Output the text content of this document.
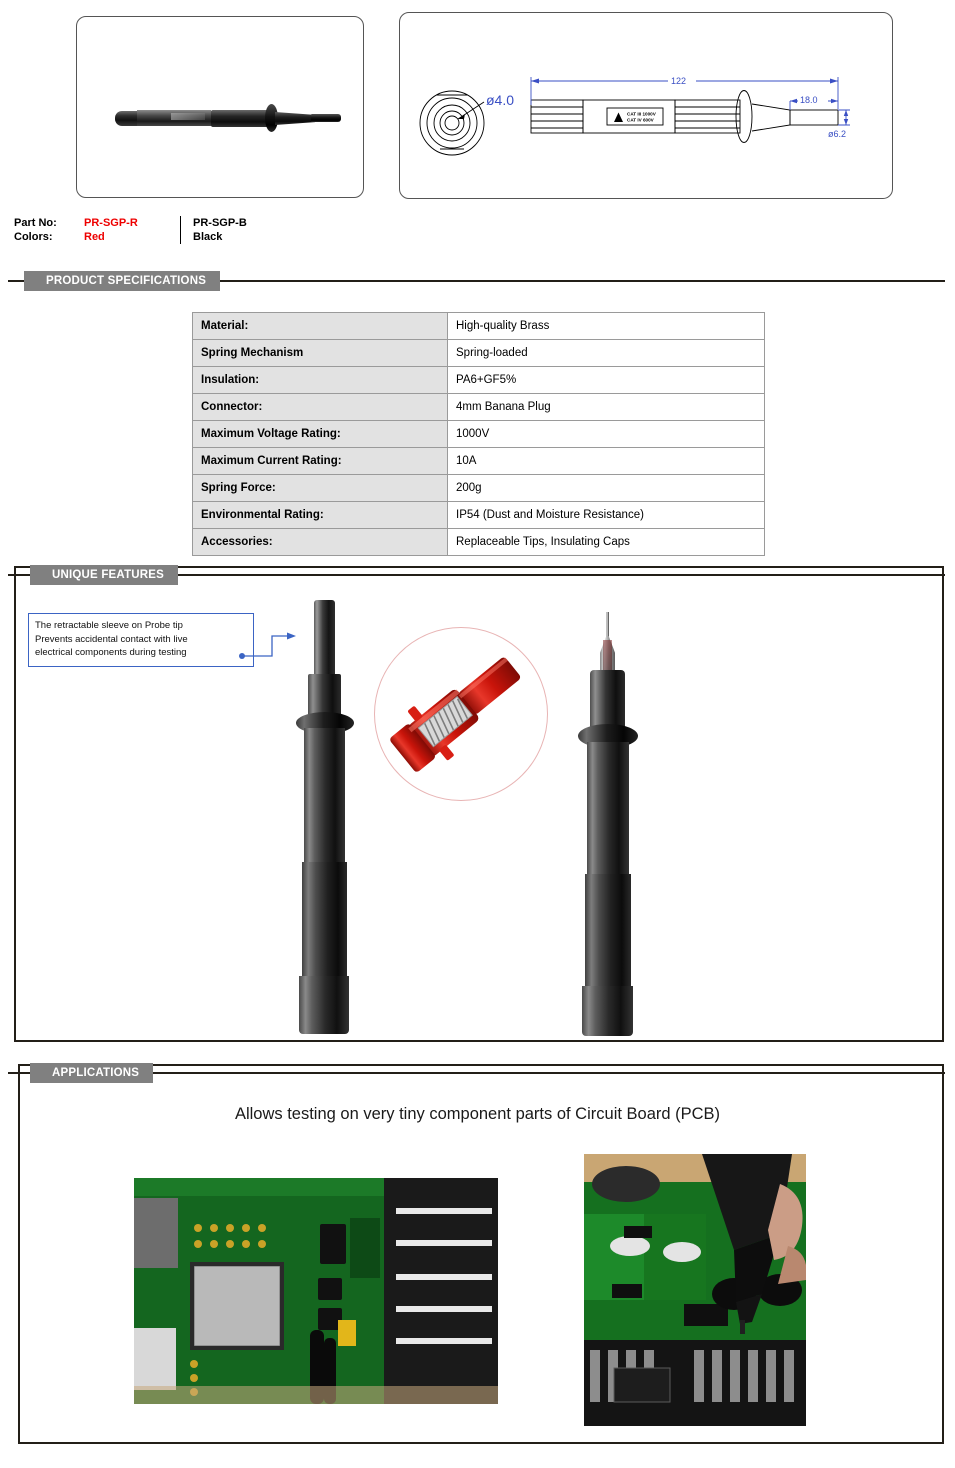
ø4.0
CAT III 1000V
CAT IV 600V
122
18.0
ø6.2
Part No:	PR-SGP-R	PR-SGP-B
Colors:	Red	Black
PRODUCT SPECIFICATIONS
Material:	High-quality Brass
Spring Mechanism	Spring-loaded
Insulation:	PA6+GF5%
Connector:	4mm Banana Plug
Maximum Voltage Rating:	1000V
Maximum Current Rating:	10A
Spring Force:	200g
Environmental Rating:	IP54 (Dust and Moisture Resistance)
Accessories:	Replaceable Tips, Insulating Caps
UNIQUE FEATURES
The retractable sleeve on Probe tip
Prevents accidental contact with live
electrical components during testing
APPLICATIONS
Allows testing on very tiny component parts of Circuit Board (PCB)
